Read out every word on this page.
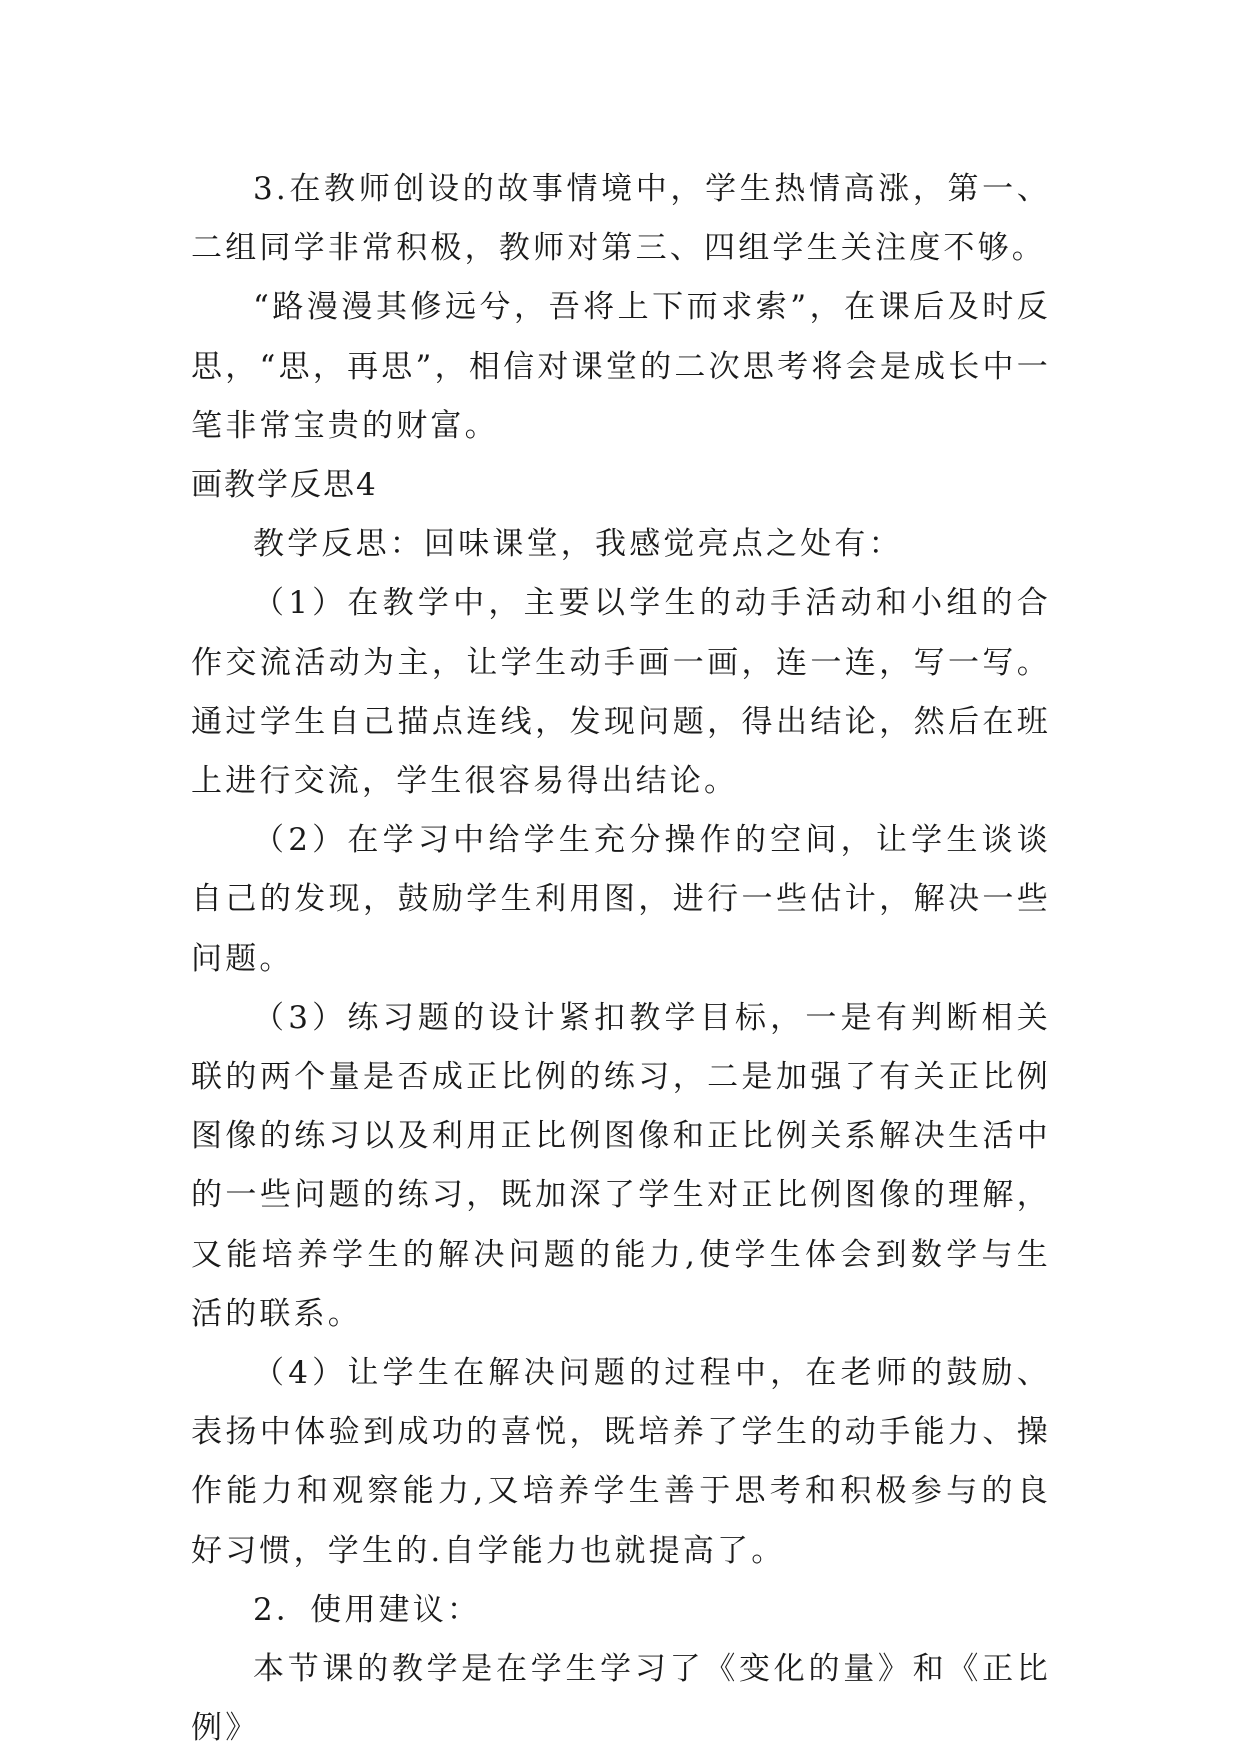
3.在教师创设的故事情境中，学生热情高涨，第一、二组同学非常积极，教师对第三、四组学生关注度不够。

“路漫漫其修远兮，吾将上下而求索”，在课后及时反思，“思，再思”，相信对课堂的二次思考将会是成长中一笔非常宝贵的财富。

画教学反思4

教学反思：回味课堂，我感觉亮点之处有：

（1）在教学中，主要以学生的动手活动和小组的合作交流活动为主，让学生动手画一画，连一连，写一写。通过学生自己描点连线，发现问题，得出结论，然后在班上进行交流，学生很容易得出结论。

（2）在学习中给学生充分操作的空间，让学生谈谈自己的发现，鼓励学生利用图，进行一些估计，解决一些问题。

（3）练习题的设计紧扣教学目标，一是有判断相关联的两个量是否成正比例的练习，二是加强了有关正比例图像的练习以及利用正比例图像和正比例关系解决生活中的一些问题的练习，既加深了学生对正比例图像的理解，又能培养学生的解决问题的能力,使学生体会到数学与生活的联系。

（4）让学生在解决问题的过程中，在老师的鼓励、表扬中体验到成功的喜悦，既培养了学生的动手能力、操作能力和观察能力,又培养学生善于思考和积极参与的良好习惯，学生的.自学能力也就提高了。

2．使用建议：

本节课的教学是在学生学习了《变化的量》和《正比例》
